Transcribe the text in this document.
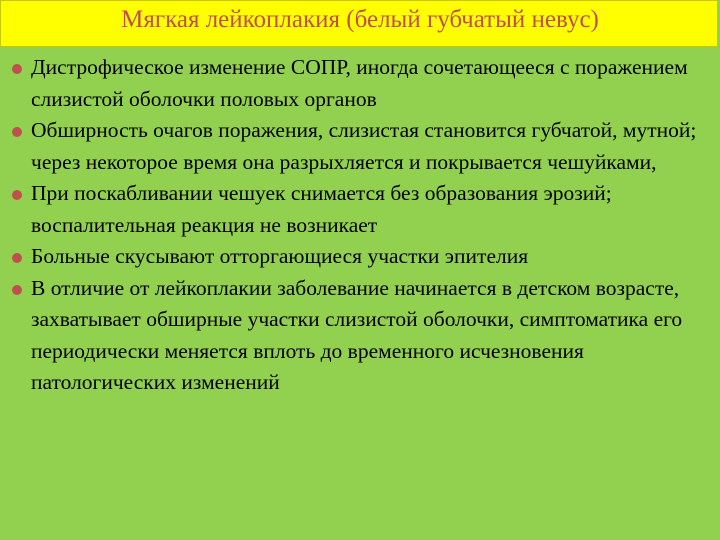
Мягкая лейкоплакия (белый губчатый невус)
Дистрофическое изменение СОПР, иногда сочетающееся с поражением слизистой оболочки половых органов
Обширность очагов поражения, слизистая становится губчатой, мутной; через некоторое время она разрыхляется и покрывается чешуйками,
При поскабливании чешуек снимается без образования эрозий; воспалительная реакция не возникает
Больные скусывают отторгающиеся участки эпителия
В отличие от лейкоплакии заболевание начинается в детском возрасте, захватывает обширные участки слизистой оболочки, симптоматика его периодически меняется вплоть до временного исчезновения патологических изменений
